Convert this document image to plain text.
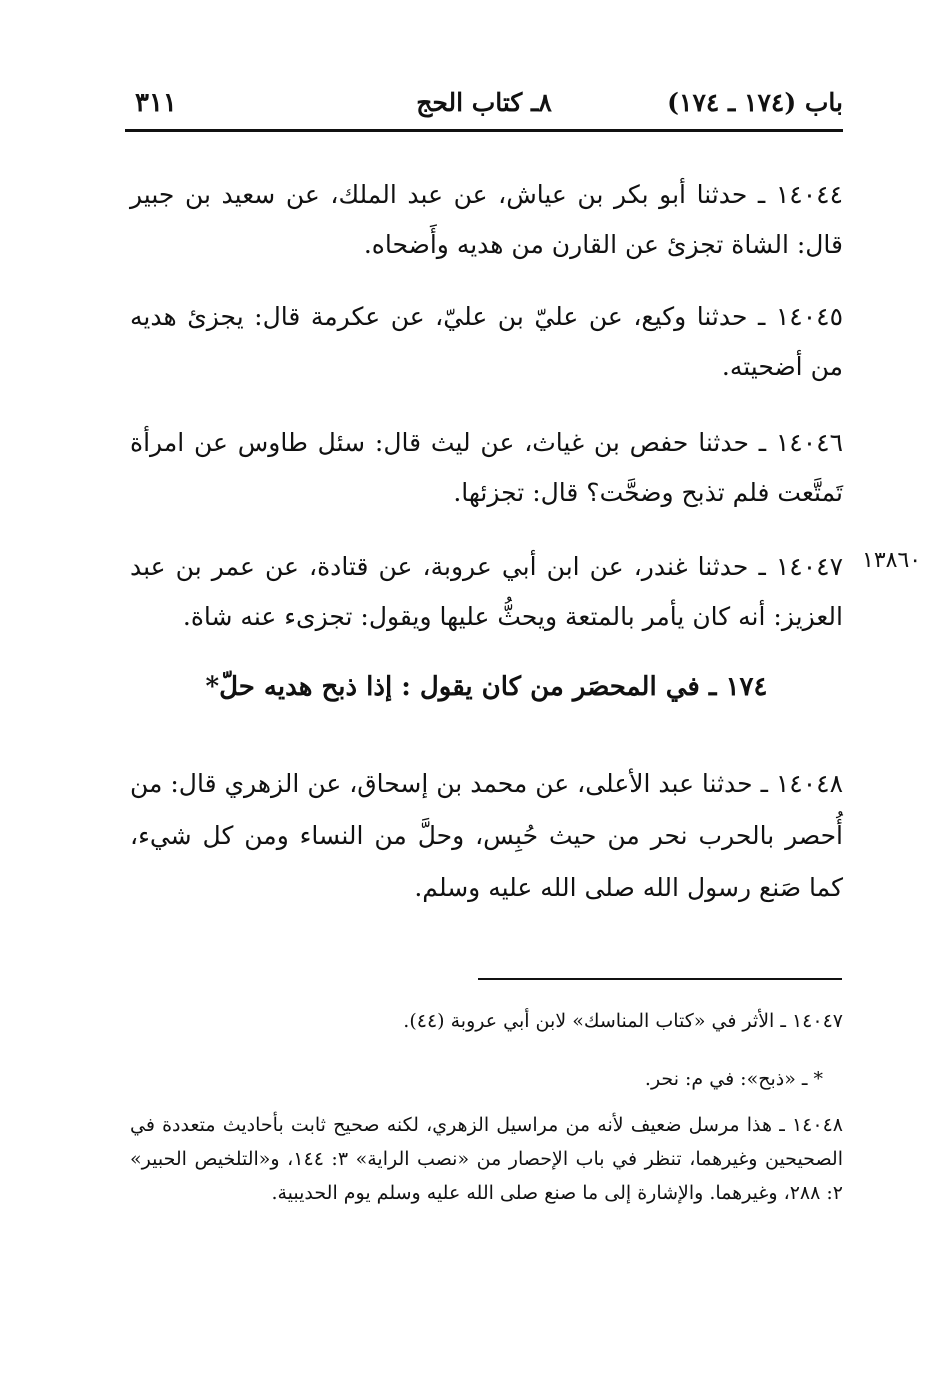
باب (١٧٤ ـ ١٧٤)
٨ـ كتاب الحج
٣١١
١٤٠٤٤ ـ حدثنا أبو بكر بن عياش، عن عبد الملك، عن سعيد بن جبير قال: الشاة تجزئ عن القارن من هديه وأَضحاه.
١٤٠٤٥ ـ حدثنا وكيع، عن عليّ بن عليّ، عن عكرمة قال: يجزئ هديه من أضحيته.
١٤٠٤٦ ـ حدثنا حفص بن غياث، عن ليث قال: سئل طاوس عن امرأة تَمتَّعت فلم تذبح وضحَّت؟ قال: تجزئها.
١٤٠٤٧ ـ حدثنا غندر، عن ابن أبي عروبة، عن قتادة، عن عمر بن عبد العزيز: أنه كان يأمر بالمتعة ويحثُّ عليها ويقول: تجزىء عنه شاة.
١٣٨٦٠
١٧٤ ـ في المحصَر من كان يقول : إذا ذبح هديه حلّ*
١٤٠٤٨ ـ حدثنا عبد الأعلى، عن محمد بن إسحاق، عن الزهري قال: من أُحصر بالحرب نحر من حيث حُبِس، وحلَّ من النساء ومن كل شيء، كما صَنع رسول الله صلى الله عليه وسلم.
١٤٠٤٧ ـ الأثر في «كتاب المناسك» لابن أبي عروبة (٤٤).
* ـ «ذبح»: في م: نحر.
١٤٠٤٨ ـ هذا مرسل ضعيف لأنه من مراسيل الزهري، لكنه صحيح ثابت بأحاديث متعددة في الصحيحين وغيرهما، تنظر في باب الإحصار من «نصب الراية» ٣: ١٤٤، و«التلخيص الحبير» ٢: ٢٨٨، وغيرهما. والإشارة إلى ما صنع صلى الله عليه وسلم يوم الحديبية.
